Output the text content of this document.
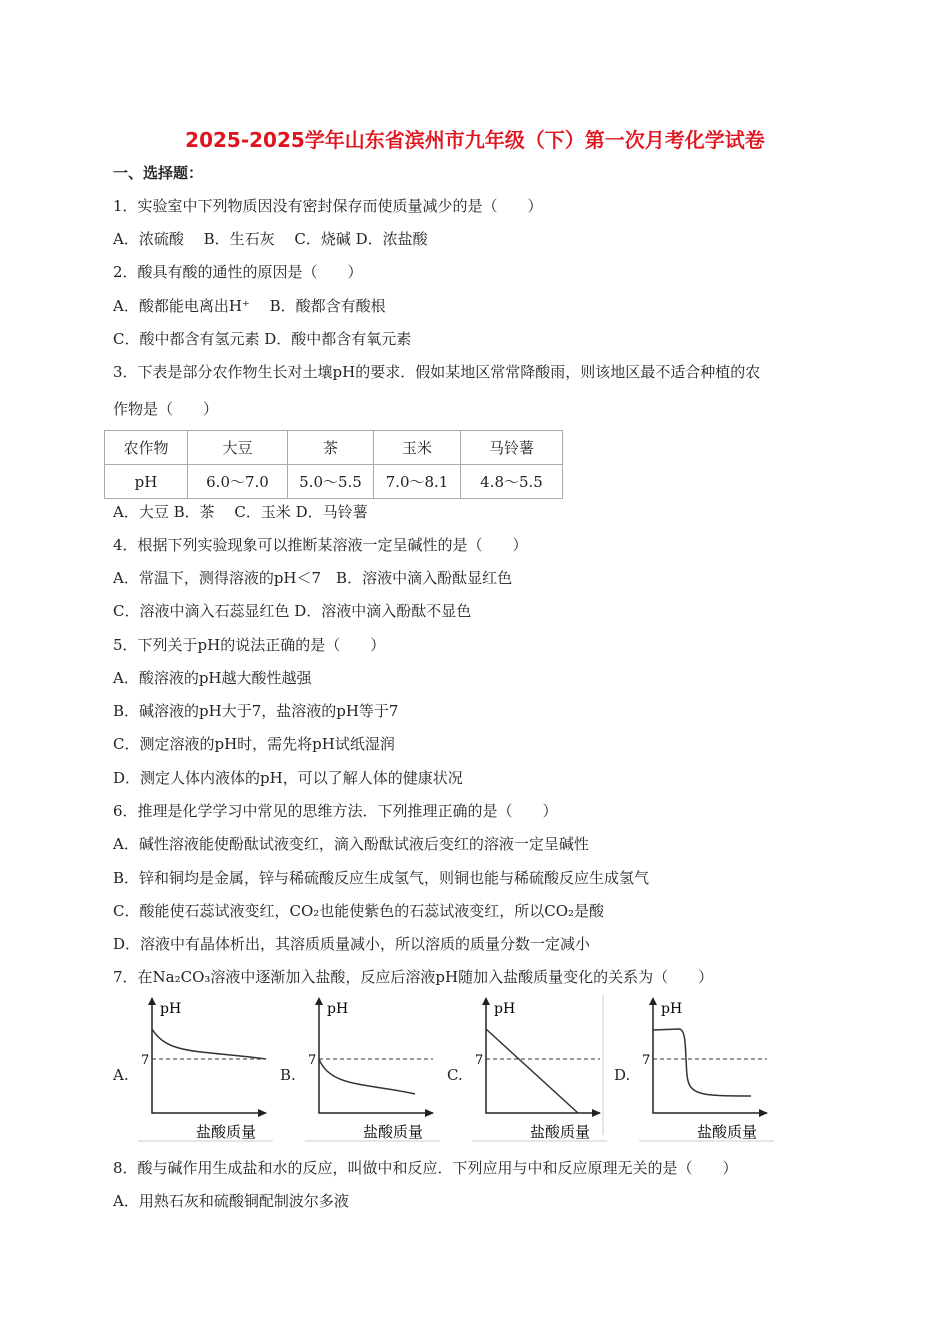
2025-2025学年山东省滨州市九年级（下）第一次月考化学试卷
一、选择题：
1．实验室中下列物质因没有密封保存而使质量减少的是（　　）
A．浓硫酸　 B．生石灰　 C．烧碱 D．浓盐酸
2．酸具有酸的通性的原因是（　　）
A．酸都能电离出H⁺　 B．酸都含有酸根
C．酸中都含有氢元素 D．酸中都含有氧元素
3．下表是部分农作物生长对土壤pH的要求．假如某地区常常降酸雨，则该地区最不适合种植的农
作物是（　　）
农作物	大豆	茶	玉米	马铃薯
pH	6.0～7.0	5.0～5.5	7.0～8.1	4.8～5.5
A．大豆 B．茶　 C．玉米 D．马铃薯
4．根据下列实验现象可以推断某溶液一定呈碱性的是（　　）
A．常温下，测得溶液的pH＜7　B．溶液中滴入酚酞显红色
C．溶液中滴入石蕊显红色 D．溶液中滴入酚酞不显色
5．下列关于pH的说法正确的是（　　）
A．酸溶液的pH越大酸性越强
B．碱溶液的pH大于7，盐溶液的pH等于7
C．测定溶液的pH时，需先将pH试纸湿润
D．测定人体内液体的pH，可以了解人体的健康状况
6．推理是化学学习中常见的思维方法．下列推理正确的是（　　）
A．碱性溶液能使酚酞试液变红，滴入酚酞试液后变红的溶液一定呈碱性
B．锌和铜均是金属，锌与稀硫酸反应生成氢气，则铜也能与稀硫酸反应生成氢气
C．酸能使石蕊试液变红，CO₂也能使紫色的石蕊试液变红，所以CO₂是酸
D．溶液中有晶体析出，其溶质质量减小，所以溶质的质量分数一定减小
7．在Na₂CO₃溶液中逐渐加入盐酸，反应后溶液pH随加入盐酸质量变化的关系为（　　）
A.	B.	C.	D.
pH
7
盐酸质量
pH
7
盐酸质量
pH
7
盐酸质量
pH
7
盐酸质量
8．酸与碱作用生成盐和水的反应，叫做中和反应．下列应用与中和反应原理无关的是（　　）
A．用熟石灰和硫酸铜配制波尔多液
